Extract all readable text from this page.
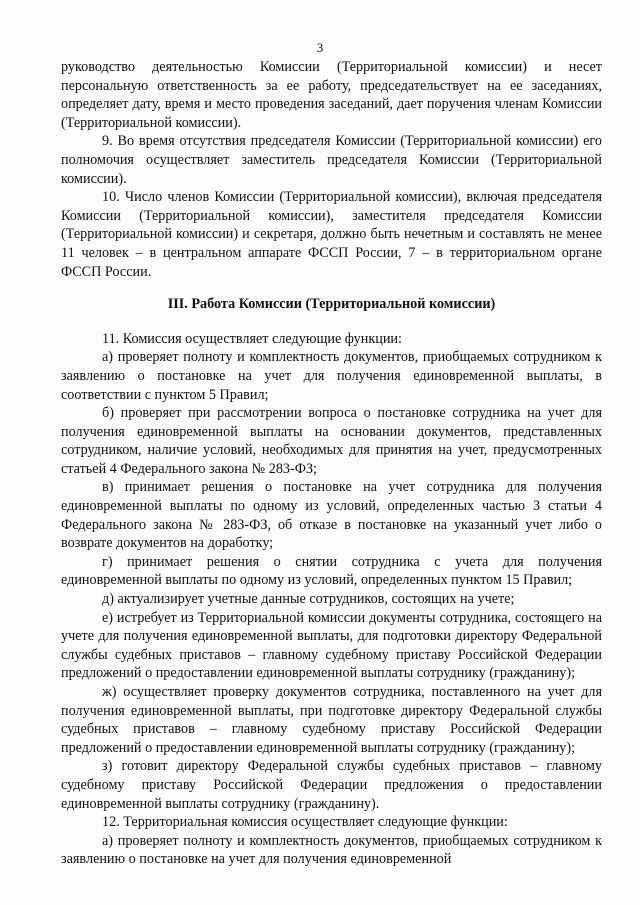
3

руководство деятельностью Комиссии (Территориальной комиссии) и несет персональную ответственность за ее работу, председательствует на ее заседаниях, определяет дату, время и место проведения заседаний, дает поручения членам Комиссии (Территориальной комиссии).

9. Во время отсутствия председателя Комиссии (Территориальной комиссии) его полномочия осуществляет заместитель председателя Комиссии (Территориальной комиссии).

10. Число членов Комиссии (Территориальной комиссии), включая председателя Комиссии (Территориальной комиссии), заместителя председателя Комиссии (Территориальной комиссии) и секретаря, должно быть нечетным и составлять не менее 11 человек – в центральном аппарате ФССП России, 7 – в территориальном органе ФССП России.

III. Работа Комиссии (Территориальной комиссии)

11. Комиссия осуществляет следующие функции:

а) проверяет полноту и комплектность документов, приобщаемых сотрудником к заявлению о постановке на учет для получения единовременной выплаты, в соответствии с пунктом 5 Правил;

б) проверяет при рассмотрении вопроса о постановке сотрудника на учет для получения единовременной выплаты на основании документов, представленных сотрудником, наличие условий, необходимых для принятия на учет, предусмотренных статьей 4 Федерального закона № 283-ФЗ;

в) принимает решения о постановке на учет сотрудника для получения единовременной выплаты по одному из условий, определенных частью 3 статьи 4 Федерального закона № 283-ФЗ, об отказе в постановке на указанный учет либо о возврате документов на доработку;

г) принимает решения о снятии сотрудника с учета для получения единовременной выплаты по одному из условий, определенных пунктом 15 Правил;

д) актуализирует учетные данные сотрудников, состоящих на учете;

е) истребует из Территориальной комиссии документы сотрудника, состоящего на учете для получения единовременной выплаты, для подготовки директору Федеральной службы судебных приставов – главному судебному приставу Российской Федерации предложений о предоставлении единовременной выплаты сотруднику (гражданину);

ж) осуществляет проверку документов сотрудника, поставленного на учет для получения единовременной выплаты, при подготовке директору Федеральной службы судебных приставов – главному судебному приставу Российской Федерации предложений о предоставлении единовременной выплаты сотруднику (гражданину);

з) готовит директору Федеральной службы судебных приставов – главному судебному приставу Российской Федерации предложения о предоставлении единовременной выплаты сотруднику (гражданину).

12. Территориальная комиссия осуществляет следующие функции:

а) проверяет полноту и комплектность документов, приобщаемых сотрудником к заявлению о постановке на учет для получения единовременной
